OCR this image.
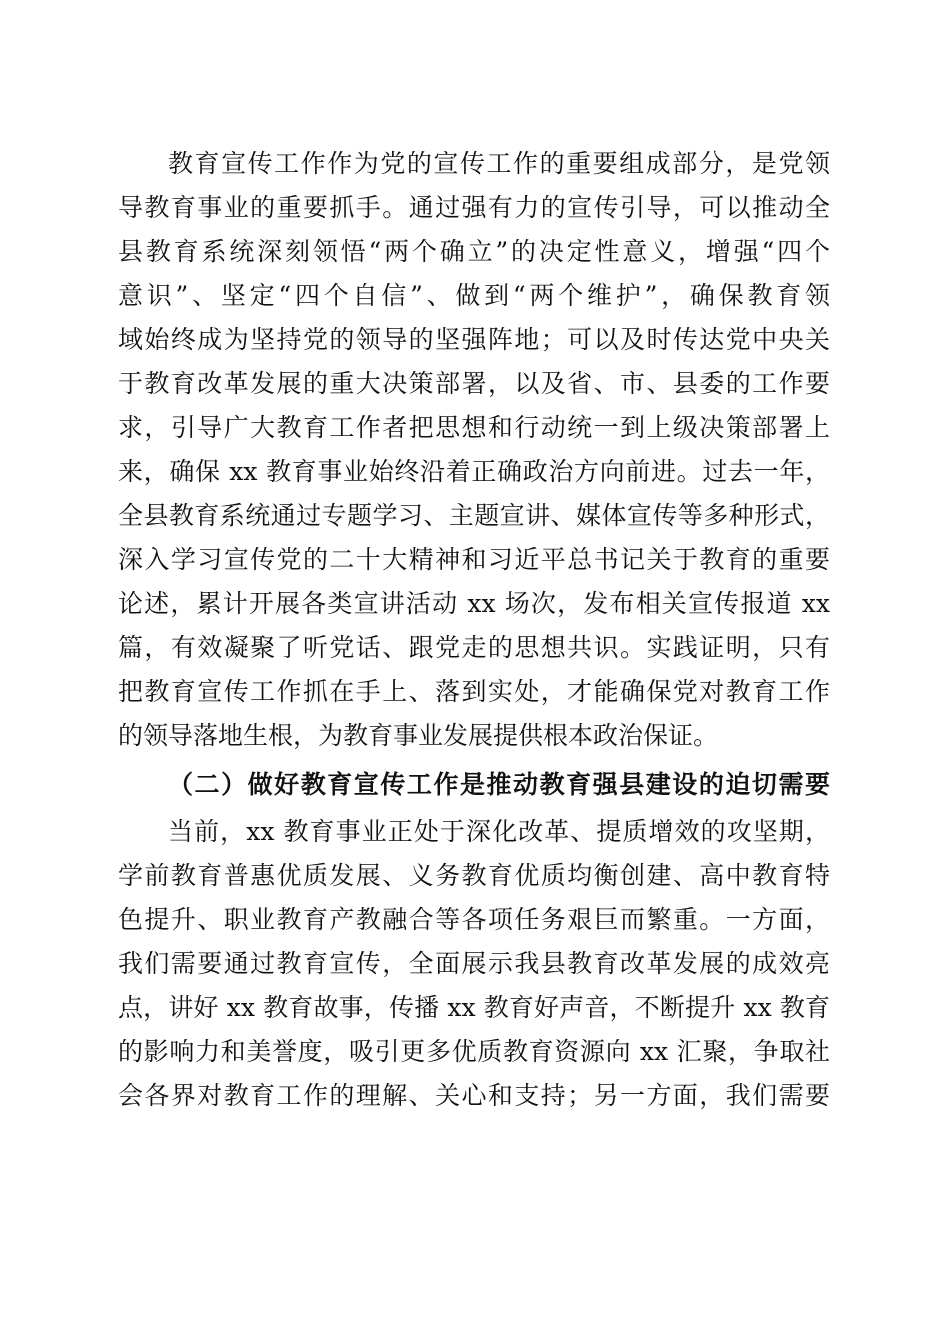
教育宣传工作作为党的宣传工作的重要组成部分，是党领
导教育事业的重要抓手。通过强有力的宣传引导，可以推动全
县教育系统深刻领悟“两个确立”的决定性意义，增强“四个
意识”、坚定“四个自信”、做到“两个维护”，确保教育领
域始终成为坚持党的领导的坚强阵地；可以及时传达党中央关
于教育改革发展的重大决策部署，以及省、市、县委的工作要
求，引导广大教育工作者把思想和行动统一到上级决策部署上
来，确保 xx 教育事业始终沿着正确政治方向前进。过去一年，
全县教育系统通过专题学习、主题宣讲、媒体宣传等多种形式，
深入学习宣传党的二十大精神和习近平总书记关于教育的重要
论述，累计开展各类宣讲活动 xx 场次，发布相关宣传报道 xx
篇，有效凝聚了听党话、跟党走的思想共识。实践证明，只有
把教育宣传工作抓在手上、落到实处，才能确保党对教育工作
的领导落地生根，为教育事业发展提供根本政治保证。
（二）做好教育宣传工作是推动教育强县建设的迫切需要
当前，xx 教育事业正处于深化改革、提质增效的攻坚期，
学前教育普惠优质发展、义务教育优质均衡创建、高中教育特
色提升、职业教育产教融合等各项任务艰巨而繁重。一方面，
我们需要通过教育宣传，全面展示我县教育改革发展的成效亮
点，讲好 xx 教育故事，传播 xx 教育好声音，不断提升 xx 教育
的影响力和美誉度，吸引更多优质教育资源向 xx 汇聚，争取社
会各界对教育工作的理解、关心和支持；另一方面，我们需要
